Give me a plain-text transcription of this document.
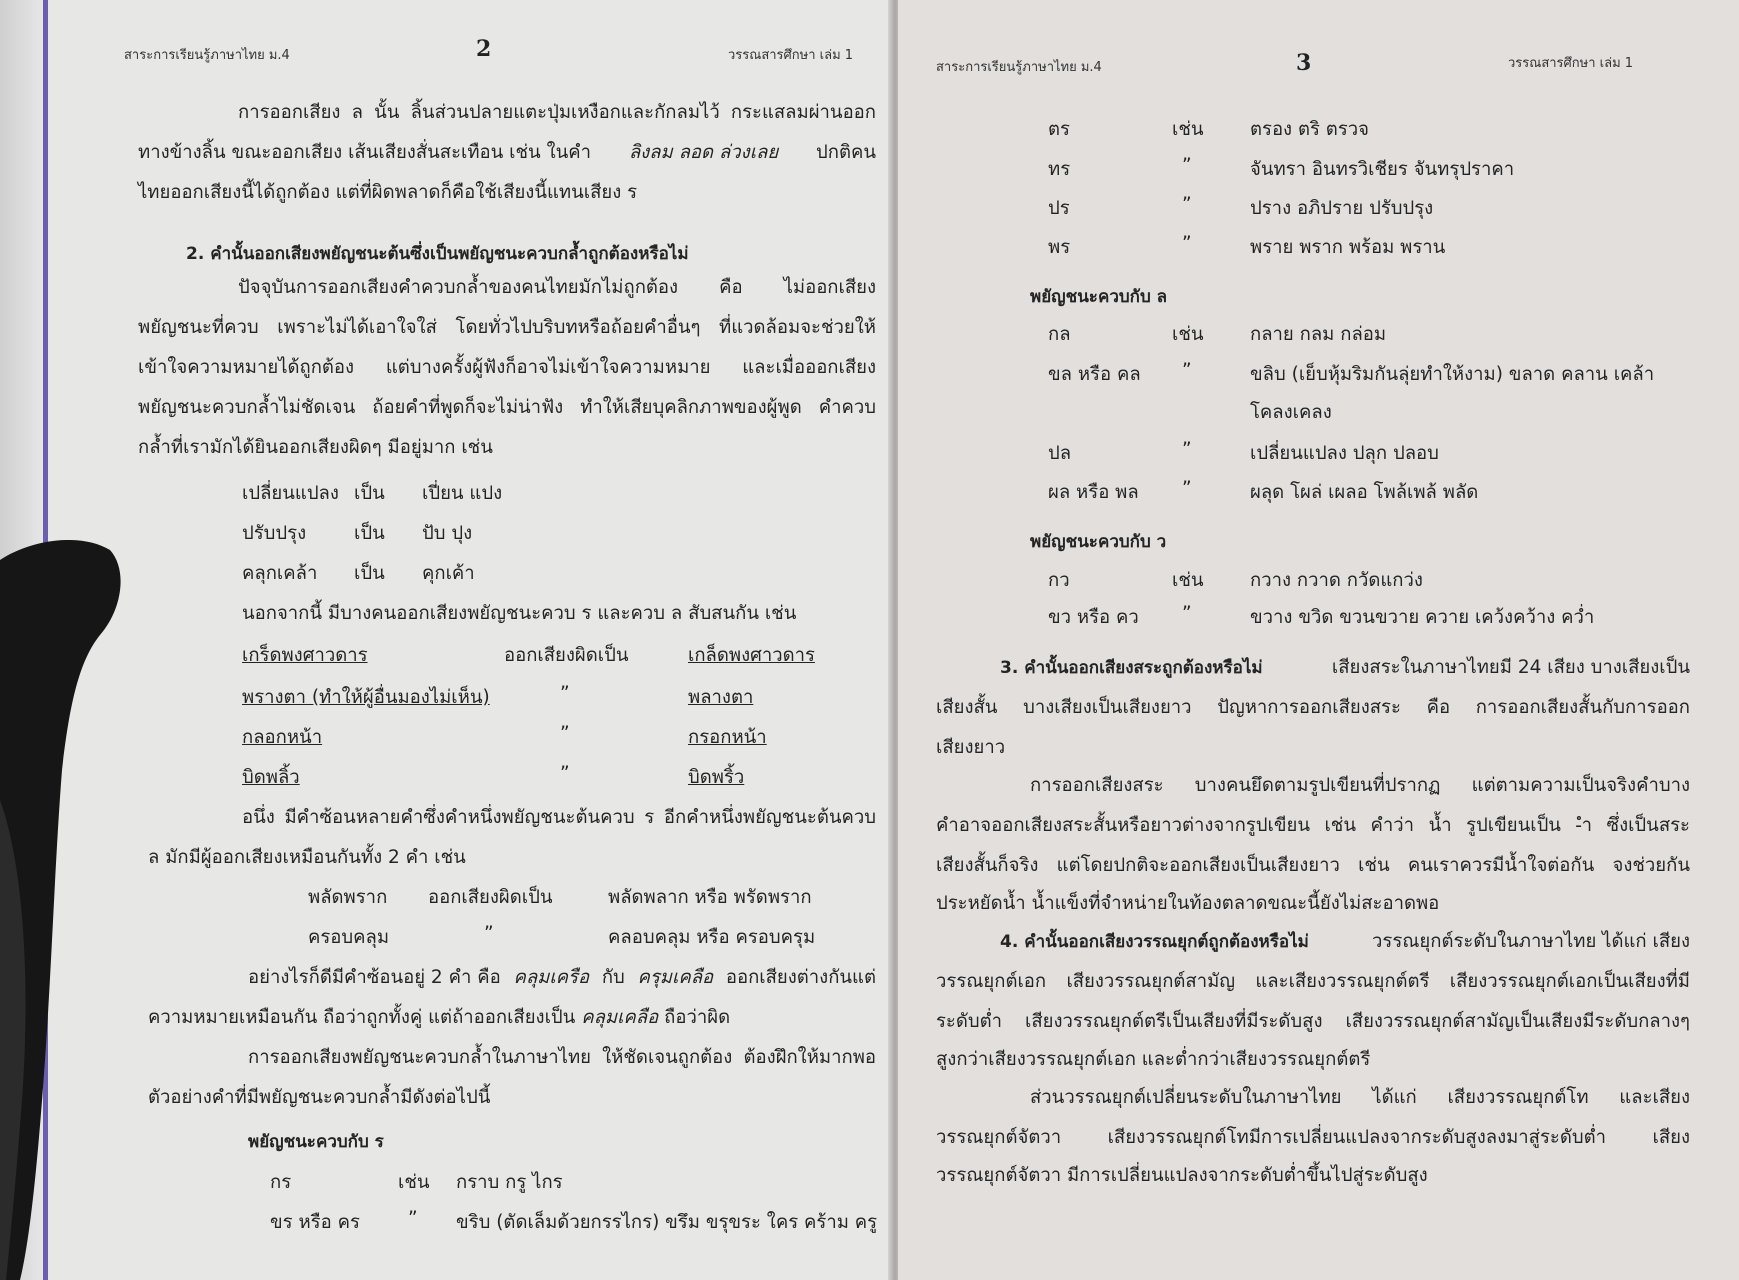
สาระการเรียนรู้ภาษาไทย ม.4	2	วรรณสารศึกษา เล่ม 1
การออกเสียง ล นั้น ลิ้นส่วนปลายแตะปุ่มเหงือกและกักลมไว้ กระแสลมผ่านออก
ทางข้างลิ้น ขณะออกเสียง เส้นเสียงสั่นสะเทือน เช่น ในคำ ลิงลม ลอด ล่วงเลย ปกติคน
ไทยออกเสียงนี้ได้ถูกต้อง แต่ที่ผิดพลาดก็คือใช้เสียงนี้แทนเสียง ร
2. คำนั้นออกเสียงพยัญชนะต้นซึ่งเป็นพยัญชนะควบกล้ำถูกต้องหรือไม่
ปัจจุบันการออกเสียงคำควบกล้ำของคนไทยมักไม่ถูกต้อง คือ ไม่ออกเสียง
พยัญชนะที่ควบ เพราะไม่ได้เอาใจใส่ โดยทั่วไปบริบทหรือถ้อยคำอื่นๆ ที่แวดล้อมจะช่วยให้
เข้าใจความหมายได้ถูกต้อง แต่บางครั้งผู้ฟังก็อาจไม่เข้าใจความหมาย และเมื่อออกเสียง
พยัญชนะควบกล้ำไม่ชัดเจน ถ้อยคำที่พูดก็จะไม่น่าฟัง ทำให้เสียบุคลิกภาพของผู้พูด คำควบ
กล้ำที่เรามักได้ยินออกเสียงผิดๆ มีอยู่มาก เช่น
เปลี่ยนแปลง เป็น เปี่ยน แปง
ปรับปรุง	เป็น ปับ ปุง
คลุกเคล้า เป็น คุกเค้า
นอกจากนี้ มีบางคนออกเสียงพยัญชนะควบ ร และควบ ล สับสนกัน เช่น
เกร็ดพงศาวดาร	ออกเสียงผิดเป็น	เกล็ดพงศาวดาร
พรางตา (ทำให้ผู้อื่นมองไม่เห็น)	”	พลางตา
กลอกหน้า	”	กรอกหน้า
บิดพลิ้ว	”	บิดพริ้ว
อนึ่ง มีคำซ้อนหลายคำซึ่งคำหนึ่งพยัญชนะต้นควบ ร อีกคำหนึ่งพยัญชนะต้นควบ
ล มักมีผู้ออกเสียงเหมือนกันทั้ง 2 คำ เช่น
พลัดพราก ออกเสียงผิดเป็น	พลัดพลาก หรือ พรัดพราก
ครอบคลุม	”	คลอบคลุม หรือ ครอบครุม
อย่างไรก็ดีมีคำซ้อนอยู่ 2 คำ คือ คลุมเครือ กับ ครุมเคลือ ออกเสียงต่างกันแต่
ความหมายเหมือนกัน ถือว่าถูกทั้งคู่ แต่ถ้าออกเสียงเป็น คลุมเคลือ ถือว่าผิด
การออกเสียงพยัญชนะควบกล้ำในภาษาไทย ให้ชัดเจนถูกต้อง ต้องฝึกให้มากพอ
ตัวอย่างคำที่มีพยัญชนะควบกล้ำมีดังต่อไปนี้
พยัญชนะควบกับ ร
กร	เช่น กราบ กรู ไกร
ขร หรือ คร	” ขริบ (ตัดเล็มด้วยกรรไกร) ขรึม ขรุขระ ใคร คร้าม ครู
สาระการเรียนรู้ภาษาไทย ม.4	3	วรรณสารศึกษา เล่ม 1
ตร	เช่น	ตรอง ตริ ตรวจ
ทร	”	จันทรา อินทรวิเชียร จันทรุปราคา
ปร	”	ปราง อภิปราย ปรับปรุง
พร	”	พราย พราก พร้อม พราน
พยัญชนะควบกับ ล
กล	เช่น	กลาย กลม กล่อม
ขล หรือ คล ”	ขลิบ (เย็บหุ้มริมกันลุ่ยทำให้งาม) ขลาด คลาน เคล้า
โคลงเคลง
ปล	”	เปลี่ยนแปลง ปลุก ปลอบ
ผล หรือ พล ”	ผลุด โผล่ เผลอ โพล้เพล้ พลัด
พยัญชนะควบกับ ว
กว	เช่น	กวาง กวาด กวัดแกว่ง
ขว หรือ คว ”	ขวาง ขวิด ขวนขวาย ควาย เคว้งคว้าง คว่ำ
3. คำนั้นออกเสียงสระถูกต้องหรือไม่	เสียงสระในภาษาไทยมี 24 เสียง บางเสียงเป็น
เสียงสั้น บางเสียงเป็นเสียงยาว ปัญหาการออกเสียงสระ คือ การออกเสียงสั้นกับการออก
เสียงยาว
การออกเสียงสระ บางคนยึดตามรูปเขียนที่ปรากฏ แต่ตามความเป็นจริงคำบาง
คำอาจออกเสียงสระสั้นหรือยาวต่างจากรูปเขียน เช่น คำว่า น้ำ รูปเขียนเป็น -ำ ซึ่งเป็นสระ
เสียงสั้นก็จริง แต่โดยปกติจะออกเสียงเป็นเสียงยาว เช่น คนเราควรมีน้ำใจต่อกัน จงช่วยกัน
ประหยัดน้ำ น้ำแข็งที่จำหน่ายในท้องตลาดขณะนี้ยังไม่สะอาดพอ
4. คำนั้นออกเสียงวรรณยุกต์ถูกต้องหรือไม่	วรรณยุกต์ระดับในภาษาไทย ได้แก่ เสียง
วรรณยุกต์เอก เสียงวรรณยุกต์สามัญ และเสียงวรรณยุกต์ตรี เสียงวรรณยุกต์เอกเป็นเสียงที่มี
ระดับต่ำ เสียงวรรณยุกต์ตรีเป็นเสียงที่มีระดับสูง เสียงวรรณยุกต์สามัญเป็นเสียงมีระดับกลางๆ
สูงกว่าเสียงวรรณยุกต์เอก และต่ำกว่าเสียงวรรณยุกต์ตรี
ส่วนวรรณยุกต์เปลี่ยนระดับในภาษาไทย ได้แก่ เสียงวรรณยุกต์โท และเสียง
วรรณยุกต์จัตวา เสียงวรรณยุกต์โทมีการเปลี่ยนแปลงจากระดับสูงลงมาสู่ระดับต่ำ เสียง
วรรณยุกต์จัตวา มีการเปลี่ยนแปลงจากระดับต่ำขึ้นไปสู่ระดับสูง
